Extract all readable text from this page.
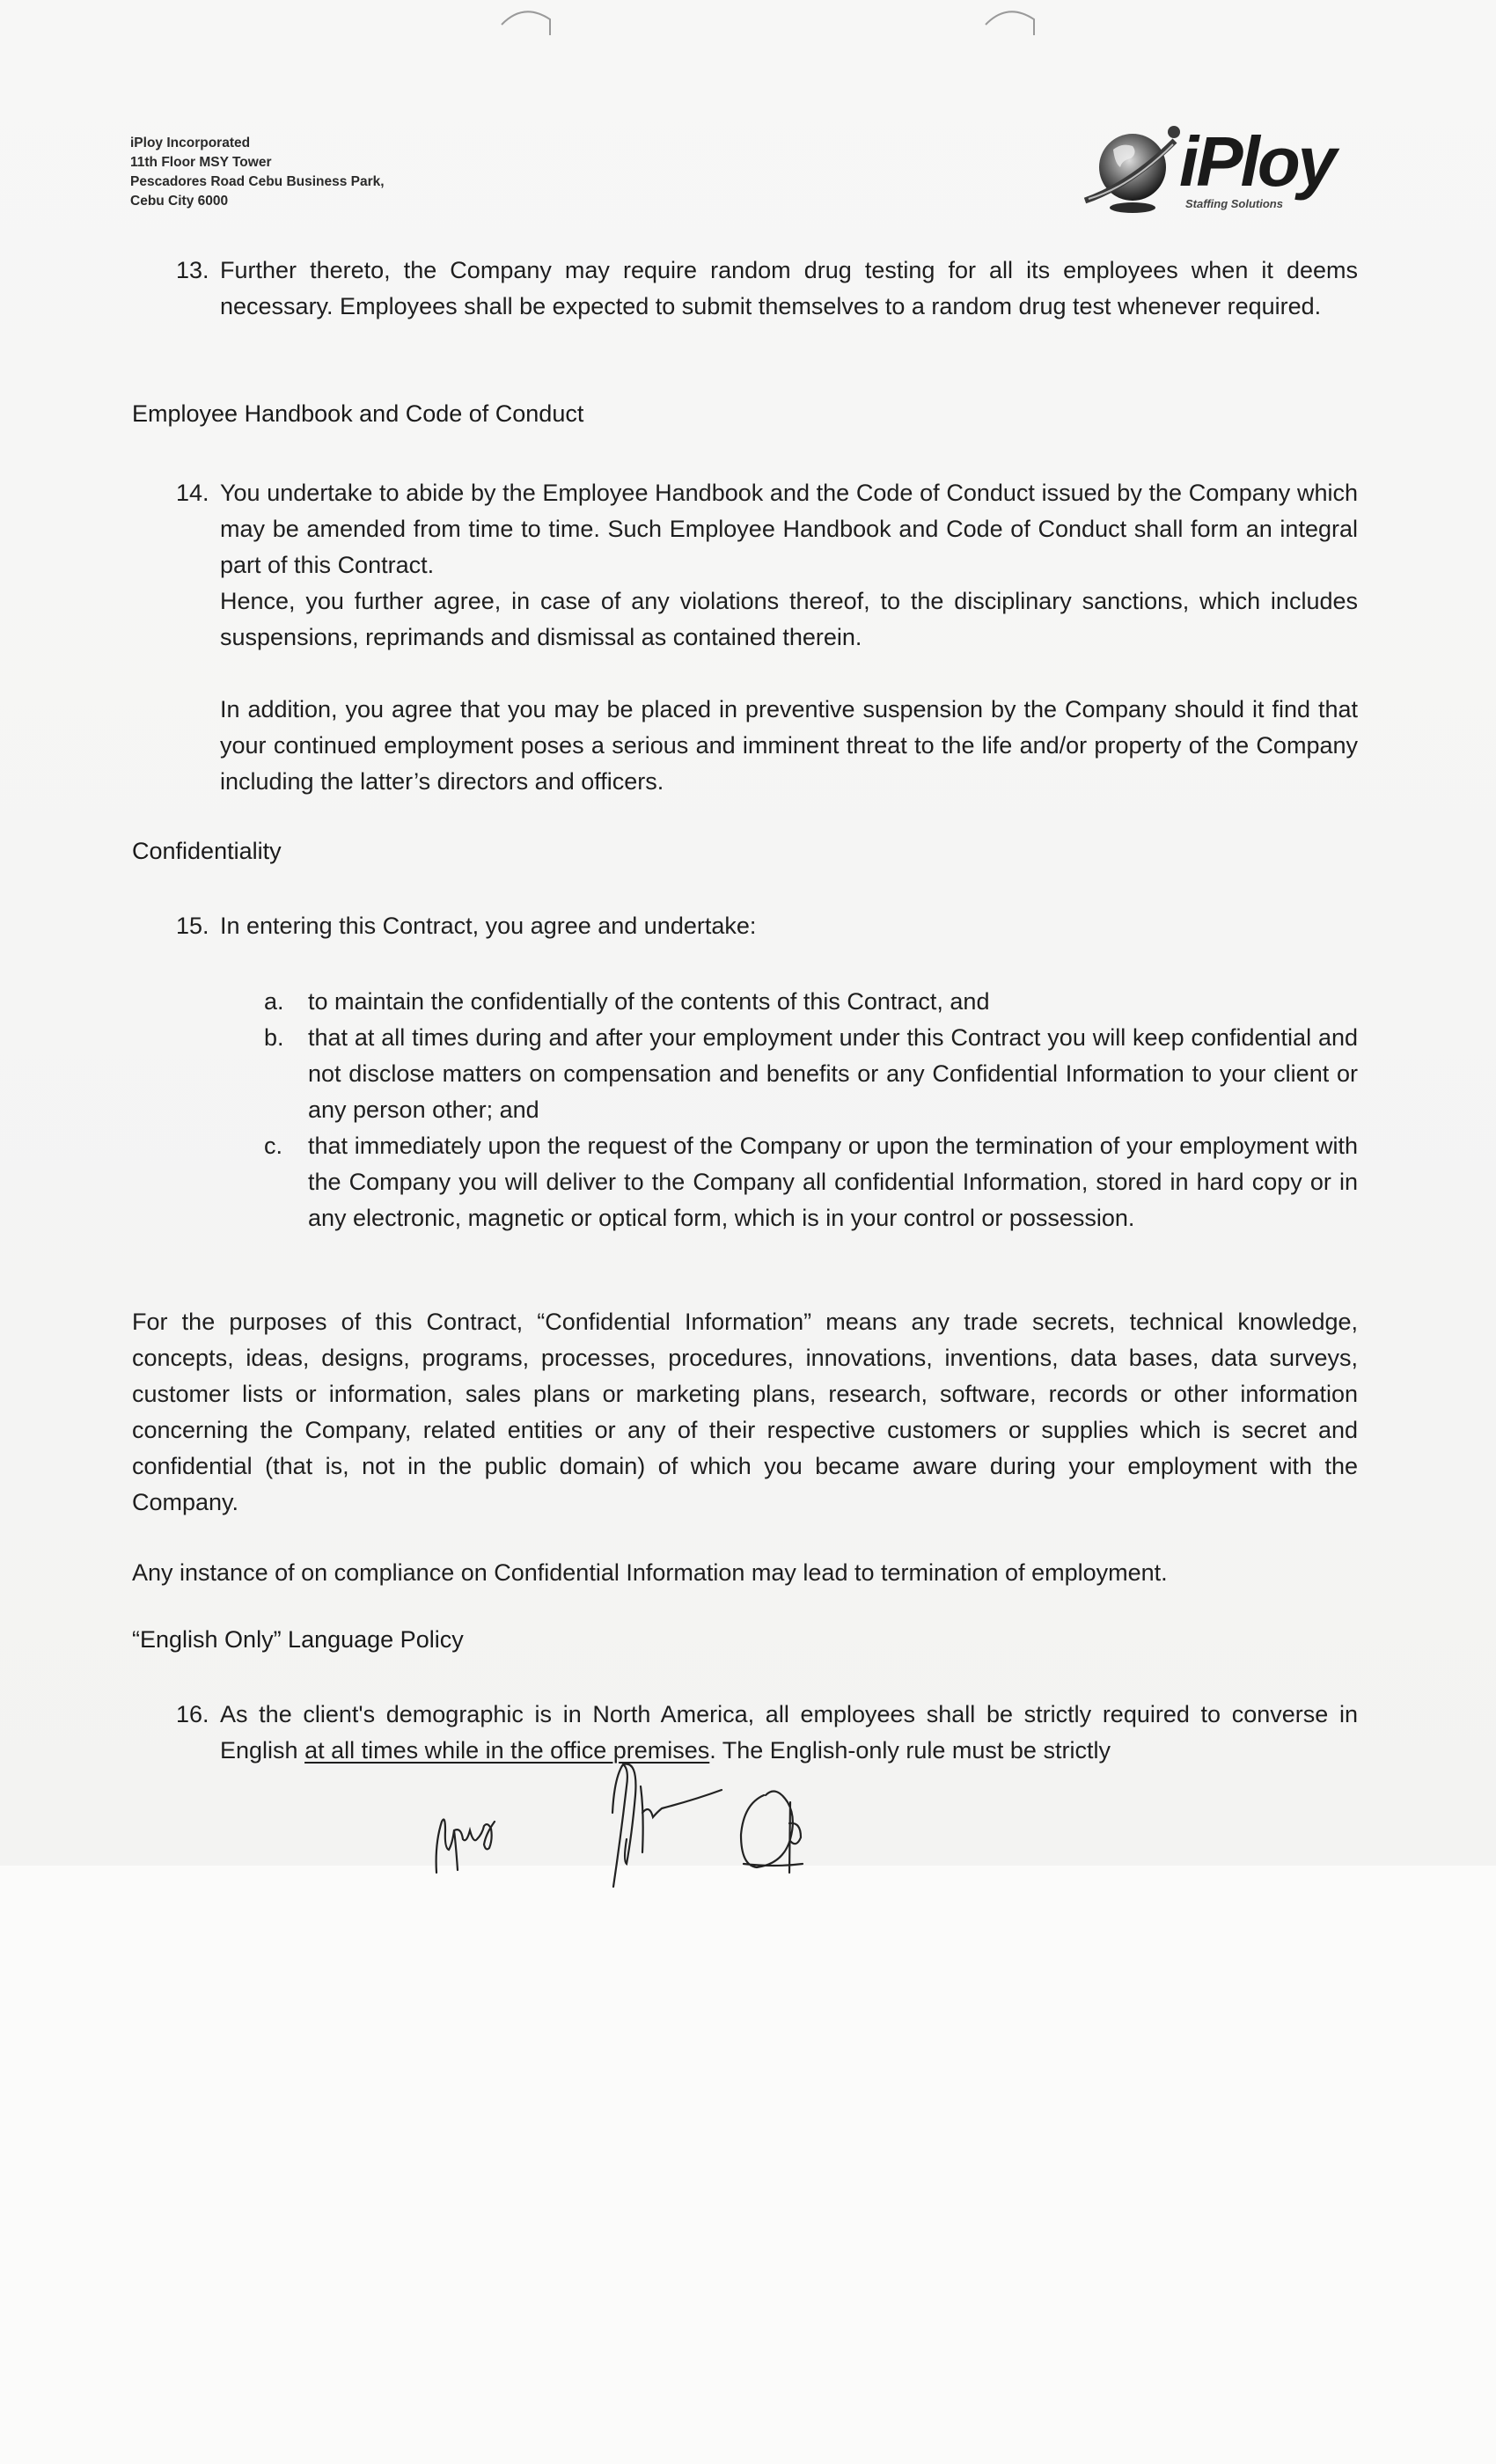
iPloy Incorporated
11th Floor MSY Tower
Pescadores Road Cebu Business Park,
Cebu City 6000
iPloy
Staffing Solutions
13. Further thereto, the Company may require random drug testing for all its employees when it deems necessary. Employees shall be expected to submit themselves to a random drug test whenever required.
Employee Handbook and Code of Conduct
14. You undertake to abide by the Employee Handbook and the Code of Conduct issued by the Company which may be amended from time to time. Such Employee Handbook and Code of Conduct shall form an integral part of this Contract.
Hence, you further agree, in case of any violations thereof, to the disciplinary sanctions, which includes suspensions, reprimands and dismissal as contained therein.
In addition, you agree that you may be placed in preventive suspension by the Company should it find that your continued employment poses a serious and imminent threat to the life and/or property of the Company including the latter’s directors and officers.
Confidentiality
15. In entering this Contract, you agree and undertake:
a. to maintain the confidentially of the contents of this Contract, and
b. that at all times during and after your employment under this Contract you will keep confidential and not disclose matters on compensation and benefits or any Confidential Information to your client or any person other; and
c. that immediately upon the request of the Company or upon the termination of your employment with the Company you will deliver to the Company all confidential Information, stored in hard copy or in any electronic, magnetic or optical form, which is in your control or possession.
For the purposes of this Contract, “Confidential Information” means any trade secrets, technical knowledge, concepts, ideas, designs, programs, processes, procedures, innovations, inventions, data bases, data surveys, customer lists or information, sales plans or marketing plans, research, software, records or other information concerning the Company, related entities or any of their respective customers or supplies which is secret and confidential (that is, not in the public domain) of which you became aware during your employment with the Company.
Any instance of on compliance on Confidential Information may lead to termination of employment.
“English Only” Language Policy
16. As the client's demographic is in North America, all employees shall be strictly required to converse in English at all times while in the office premises. The English-only rule must be strictly
